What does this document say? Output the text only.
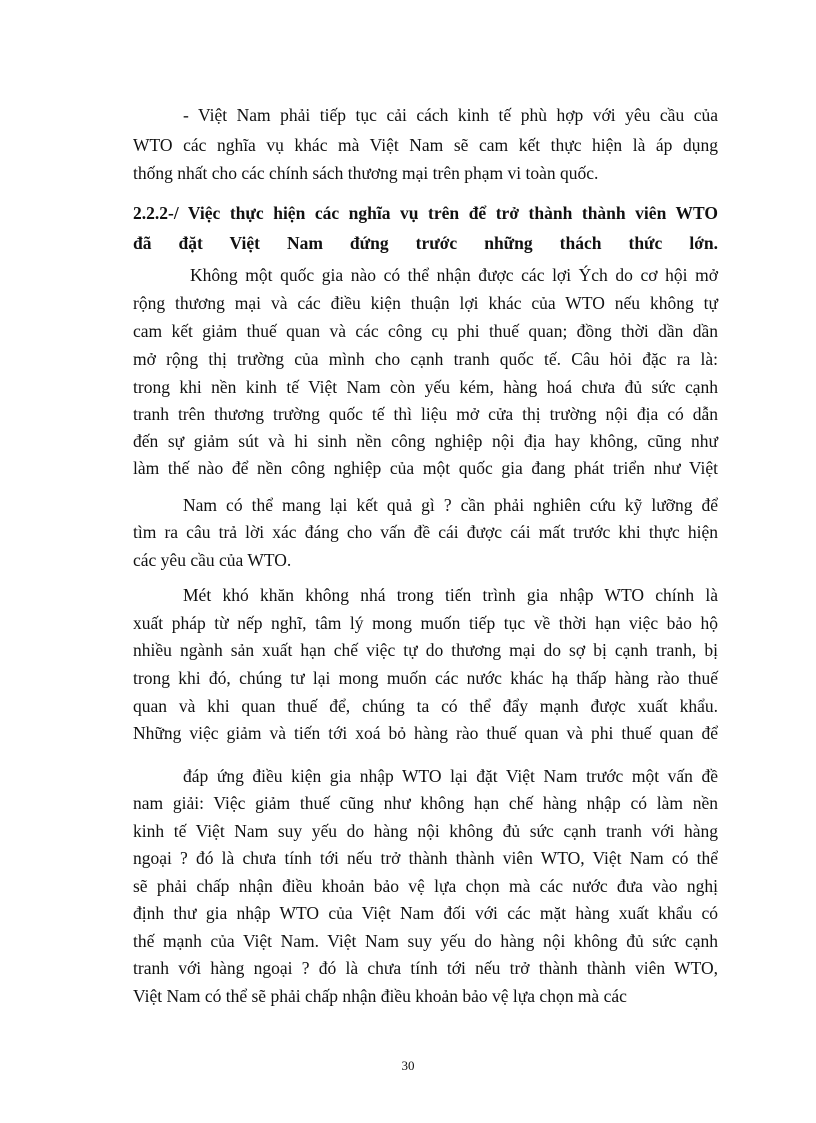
- Việt Nam phải tiếp tục cải cách kinh tế phù hợp với yêu cầu của
WTO các nghĩa vụ khác mà Việt Nam sẽ cam kết thực hiện là áp dụng
thống nhất cho các chính sách thương mại trên phạm vi toàn quốc.
2.2.2-/ Việc thực hiện các nghĩa vụ trên để trở thành thành viên WTO
đã đặt Việt Nam đứng trước những thách thức lớn.
Không một quốc gia nào có thể nhận được các lợi Ých do cơ hội mở
rộng thương mại và các điều kiện thuận lợi khác của WTO nếu không tự
cam kết giảm thuế quan và các công cụ phi thuế quan; đồng thời dần dần
mở rộng thị trường của mình cho cạnh tranh quốc tế. Câu hỏi đặc ra là:
trong khi nền kinh tế Việt Nam còn yếu kém, hàng hoá chưa đủ sức cạnh
tranh trên thương trường quốc tế thì liệu mở cửa thị trường nội địa có dẫn
đến sự giảm sút và hi sinh nền công nghiệp nội địa hay không, cũng như
làm thế nào để nền công nghiệp của một quốc gia đang phát triển như Việt
Nam có thể mang lại kết quả gì ? cần phải nghiên cứu kỹ lưỡng để
tìm ra câu trả lời xác đáng cho vấn đề cái được cái mất trước khi thực hiện
các yêu cầu của WTO.
Mét khó khăn không nhá trong tiến trình gia nhập WTO chính là
xuất pháp từ nếp nghĩ, tâm lý mong muốn tiếp tục về thời hạn việc bảo hộ
nhiều ngành sản xuất hạn chế việc tự do thương mại do sợ bị cạnh tranh, bị
trong khi đó, chúng tư lại mong muốn các nước khác hạ thấp hàng rào thuế
quan và khi quan thuế để, chúng ta có thể đẩy mạnh được xuất khẩu.
Những việc giảm và tiến tới xoá bỏ hàng rào thuế quan và phi thuế quan để
đáp ứng điều kiện gia nhập WTO lại đặt Việt Nam trước một vấn đề
nam giải: Việc giảm thuế cũng như không hạn chế hàng nhập có làm nền
kinh tế Việt Nam suy yếu do hàng nội không đủ sức cạnh tranh với hàng
ngoại ? đó là chưa tính tới nếu trở thành thành viên WTO, Việt Nam có thể
sẽ phải chấp nhận điều khoản bảo vệ lựa chọn mà các nước đưa vào nghị
định thư gia nhập WTO của Việt Nam đối với các mặt hàng xuất khẩu có
thế mạnh của Việt Nam. Việt Nam suy yếu do hàng nội không đủ sức cạnh
tranh với hàng ngoại ? đó là chưa tính tới nếu trở thành thành viên WTO,
Việt Nam có thể sẽ phải chấp nhận điều khoản bảo vệ lựa chọn mà các
30
